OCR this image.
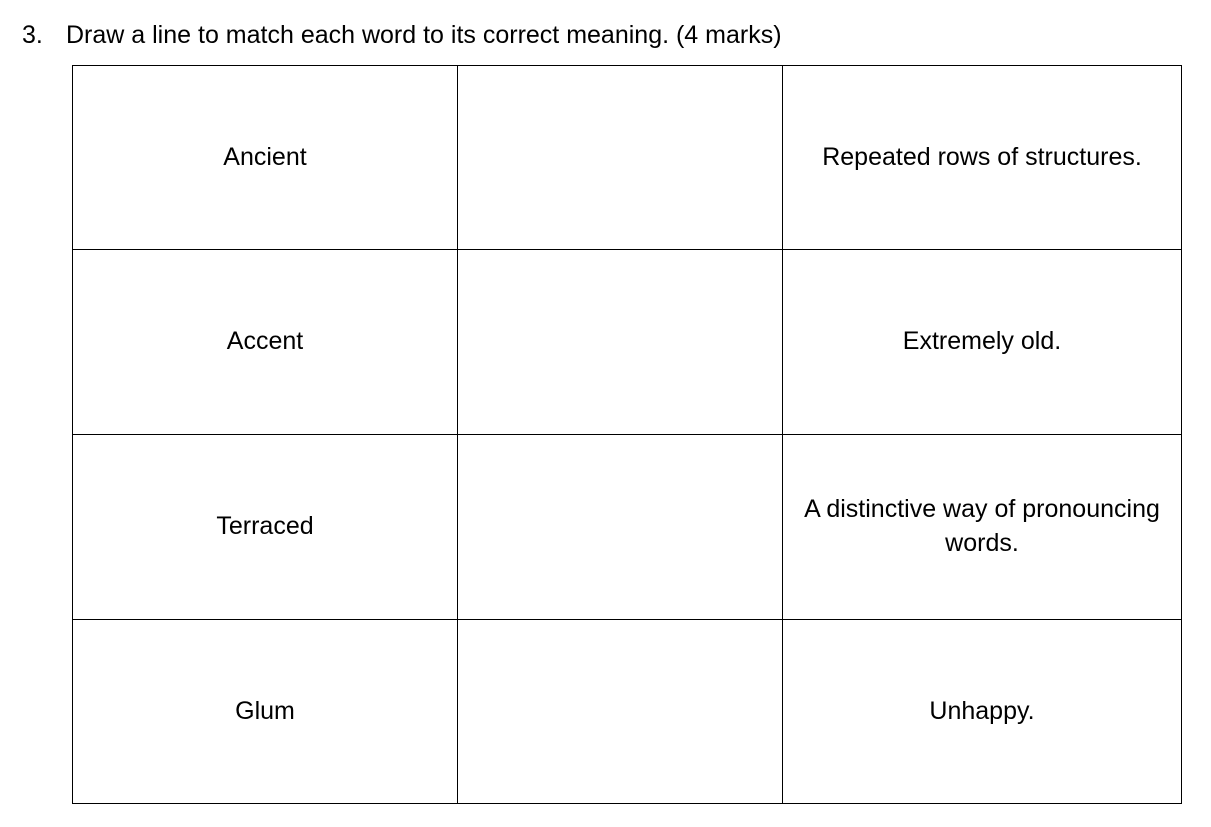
3. Draw a line to match each word to its correct meaning. (4 marks)
Ancient		Repeated rows of structures.

Accent		Extremely old.

Terraced		A distinctive way of pronouncing words.

Glum		Unhappy.
